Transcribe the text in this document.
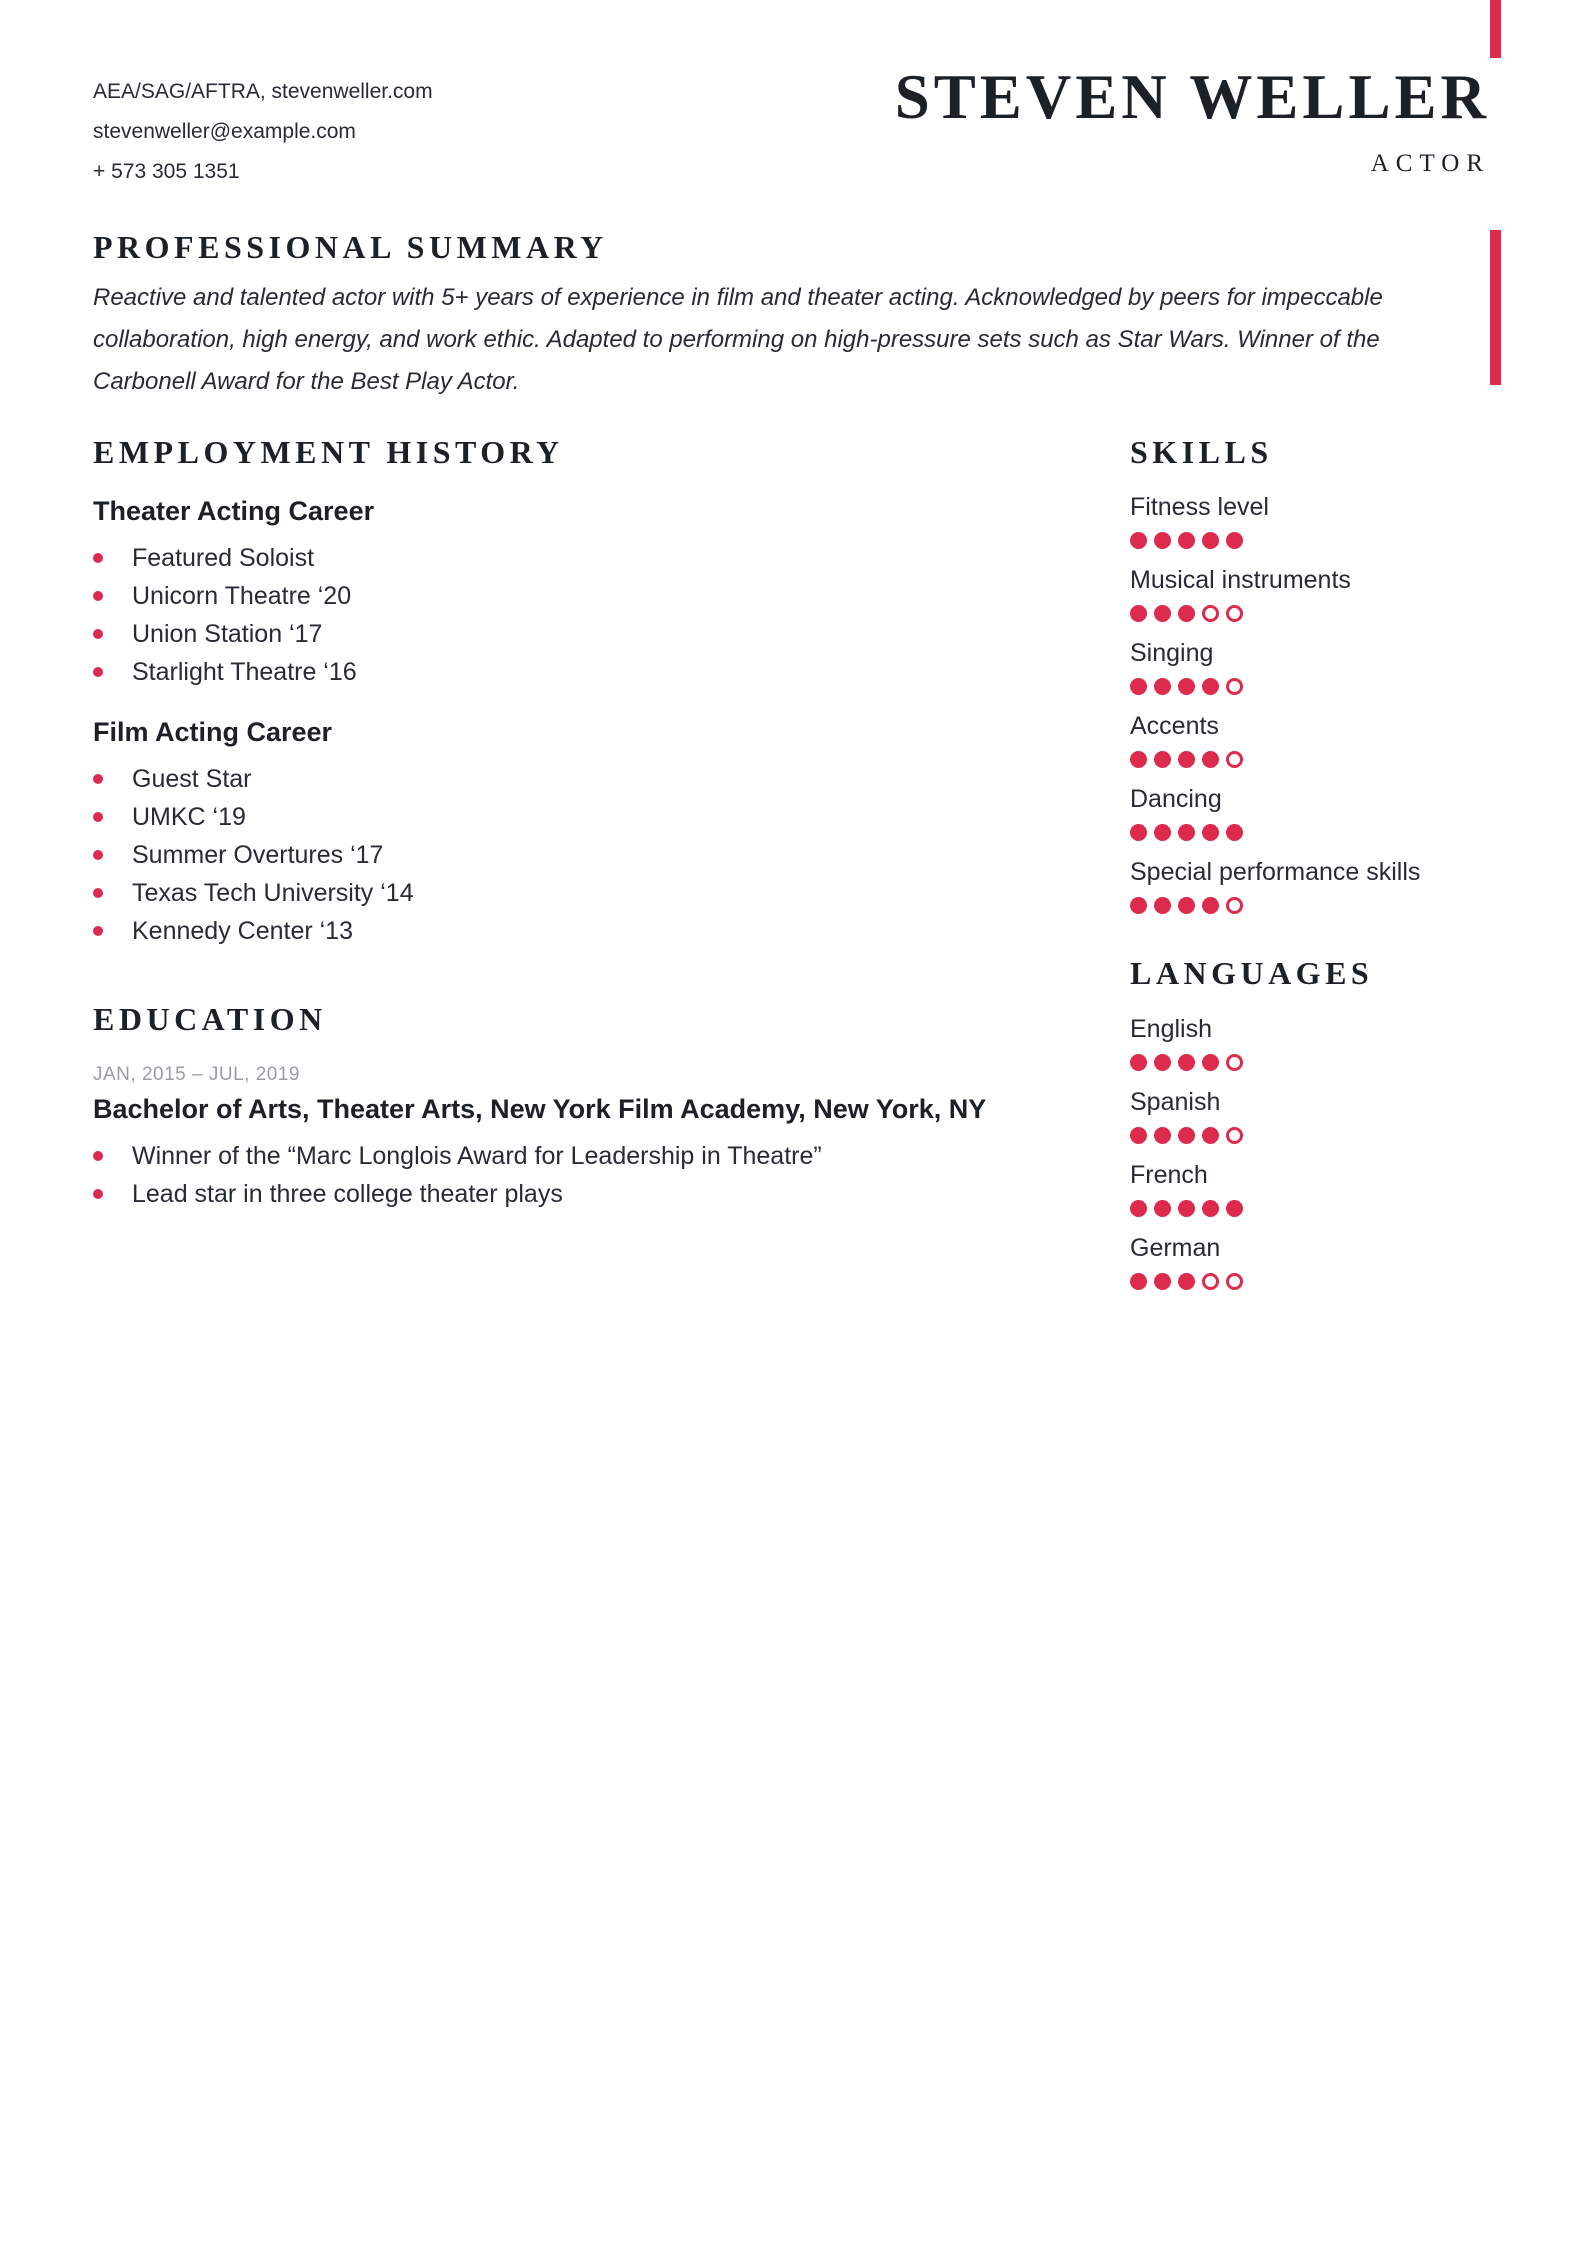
AEA/SAG/AFTRA, stevenweller.com
stevenweller@example.com
+ 573 305 1351
STEVEN WELLER
ACTOR
PROFESSIONAL SUMMARY

Reactive and talented actor with 5+ years of experience in film and theater acting. Acknowledged by peers for impeccable collaboration, high energy, and work ethic. Adapted to performing on high-pressure sets such as Star Wars. Winner of the Carbonell Award for the Best Play Actor.

EMPLOYMENT HISTORY
Theater Acting Career
Featured Soloist
Unicorn Theatre ‘20
Union Station ‘17
Starlight Theatre ‘16
Film Acting Career
Guest Star
UMKC ‘19
Summer Overtures ‘17
Texas Tech University ‘14
Kennedy Center ‘13
EDUCATION
JAN, 2015 – JUL, 2019
Bachelor of Arts, Theater Arts, New York Film Academy, New York, NY
Winner of the “Marc Longlois Award for Leadership in Theatre”
Lead star in three college theater plays
SKILLS
Fitness level
Musical instruments
Singing
Accents
Dancing
Special performance skills
LANGUAGES
English
Spanish
French
German
